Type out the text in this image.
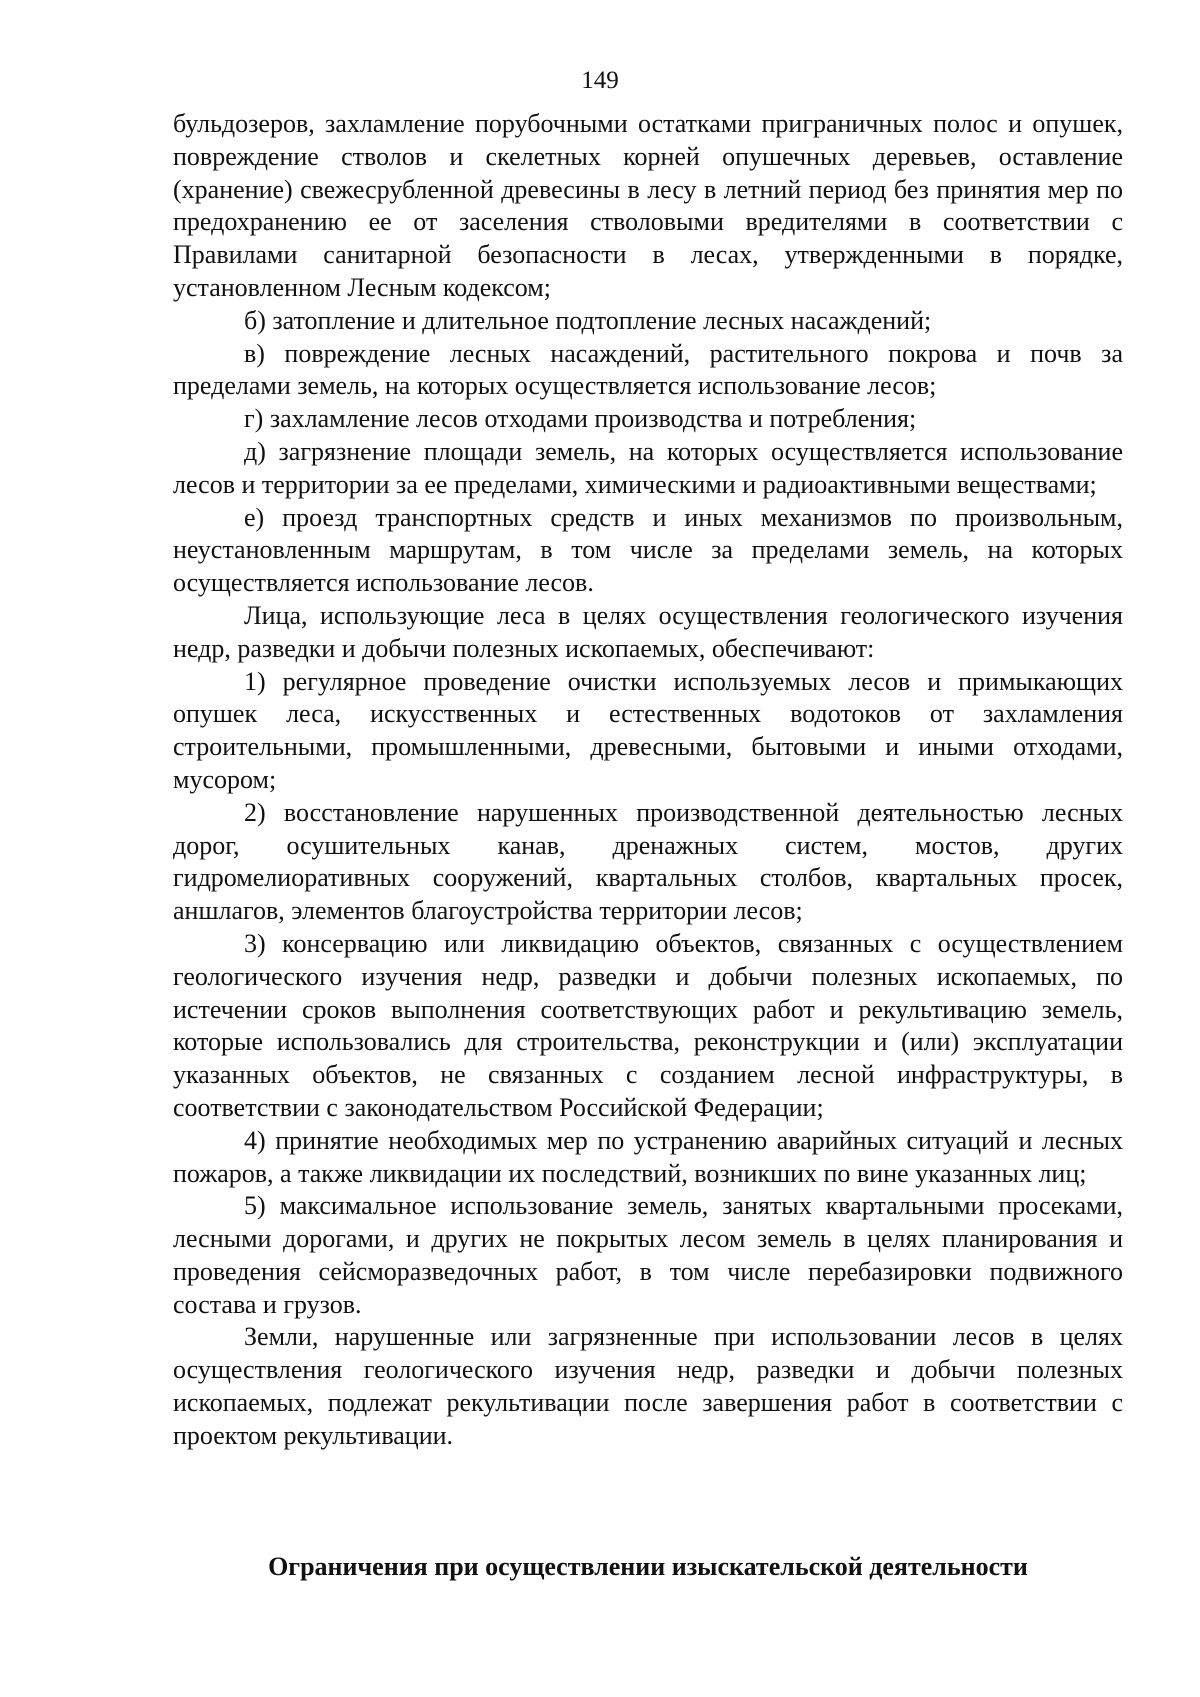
149

бульдозеров, захламление порубочными остатками приграничных полос и опушек, повреждение стволов и скелетных корней опушечных деревьев, оставление (хранение) свежесрубленной древесины в лесу в летний период без принятия мер по предохранению ее от заселения стволовыми вредителями в соответствии с Правилами санитарной безопасности в лесах, утвержденными в порядке, установленном Лесным кодексом;

б) затопление и длительное подтопление лесных насаждений;

в) повреждение лесных насаждений, растительного покрова и почв за пределами земель, на которых осуществляется использование лесов;

г) захламление лесов отходами производства и потребления;

д) загрязнение площади земель, на которых осуществляется использование лесов и территории за ее пределами, химическими и радиоактивными веществами;

е) проезд транспортных средств и иных механизмов по произвольным, неустановленным маршрутам, в том числе за пределами земель, на которых осуществляется использование лесов.

Лица, использующие леса в целях осуществления геологического изучения недр, разведки и добычи полезных ископаемых, обеспечивают:

1) регулярное проведение очистки используемых лесов и примыкающих опушек леса, искусственных и естественных водотоков от захламления строительными, промышленными, древесными, бытовыми и иными отходами, мусором;

2) восстановление нарушенных производственной деятельностью лесных дорог, осушительных канав, дренажных систем, мостов, других гидромелиоративных сооружений, квартальных столбов, квартальных просек, аншлагов, элементов благоустройства территории лесов;

3) консервацию или ликвидацию объектов, связанных с осуществлением геологического изучения недр, разведки и добычи полезных ископаемых, по истечении сроков выполнения соответствующих работ и рекультивацию земель, которые использовались для строительства, реконструкции и (или) эксплуатации указанных объектов, не связанных с созданием лесной инфраструктуры, в соответствии с законодательством Российской Федерации;

4) принятие необходимых мер по устранению аварийных ситуаций и лесных пожаров, а также ликвидации их последствий, возникших по вине указанных лиц;

5) максимальное использование земель, занятых квартальными просеками, лесными дорогами, и других не покрытых лесом земель в целях планирования и проведения сейсморазведочных работ, в том числе перебазировки подвижного состава и грузов.

Земли, нарушенные или загрязненные при использовании лесов в целях осуществления геологического изучения недр, разведки и добычи полезных ископаемых, подлежат рекультивации после завершения работ в соответствии с проектом рекультивации.

Ограничения при осуществлении изыскательской деятельности
